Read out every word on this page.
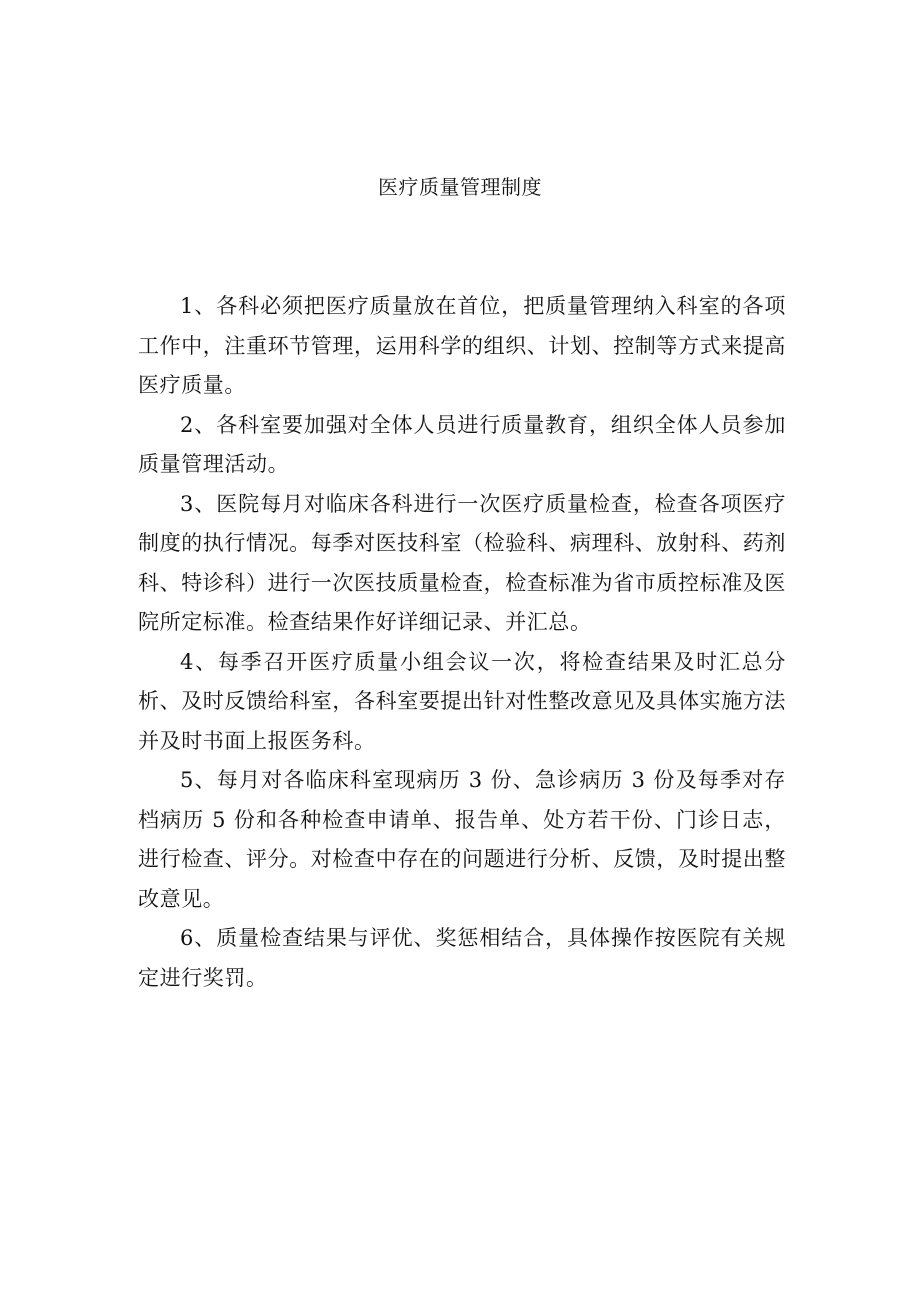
医疗质量管理制度

1、各科必须把医疗质量放在首位，把质量管理纳入科室的各项工作中，注重环节管理，运用科学的组织、计划、控制等方式来提高医疗质量。

2、各科室要加强对全体人员进行质量教育，组织全体人员参加质量管理活动。

3、医院每月对临床各科进行一次医疗质量检查，检查各项医疗制度的执行情况。每季对医技科室（检验科、病理科、放射科、药剂科、特诊科）进行一次医技质量检查，检查标准为省市质控标准及医院所定标准。检查结果作好详细记录、并汇总。

4、每季召开医疗质量小组会议一次，将检查结果及时汇总分析、及时反馈给科室，各科室要提出针对性整改意见及具体实施方法并及时书面上报医务科。

5、每月对各临床科室现病历 3 份、急诊病历 3 份及每季对存档病历 5 份和各种检查申请单、报告单、处方若干份、门诊日志，进行检查、评分。对检查中存在的问题进行分析、反馈，及时提出整改意见。

6、质量检查结果与评优、奖惩相结合，具体操作按医院有关规定进行奖罚。
